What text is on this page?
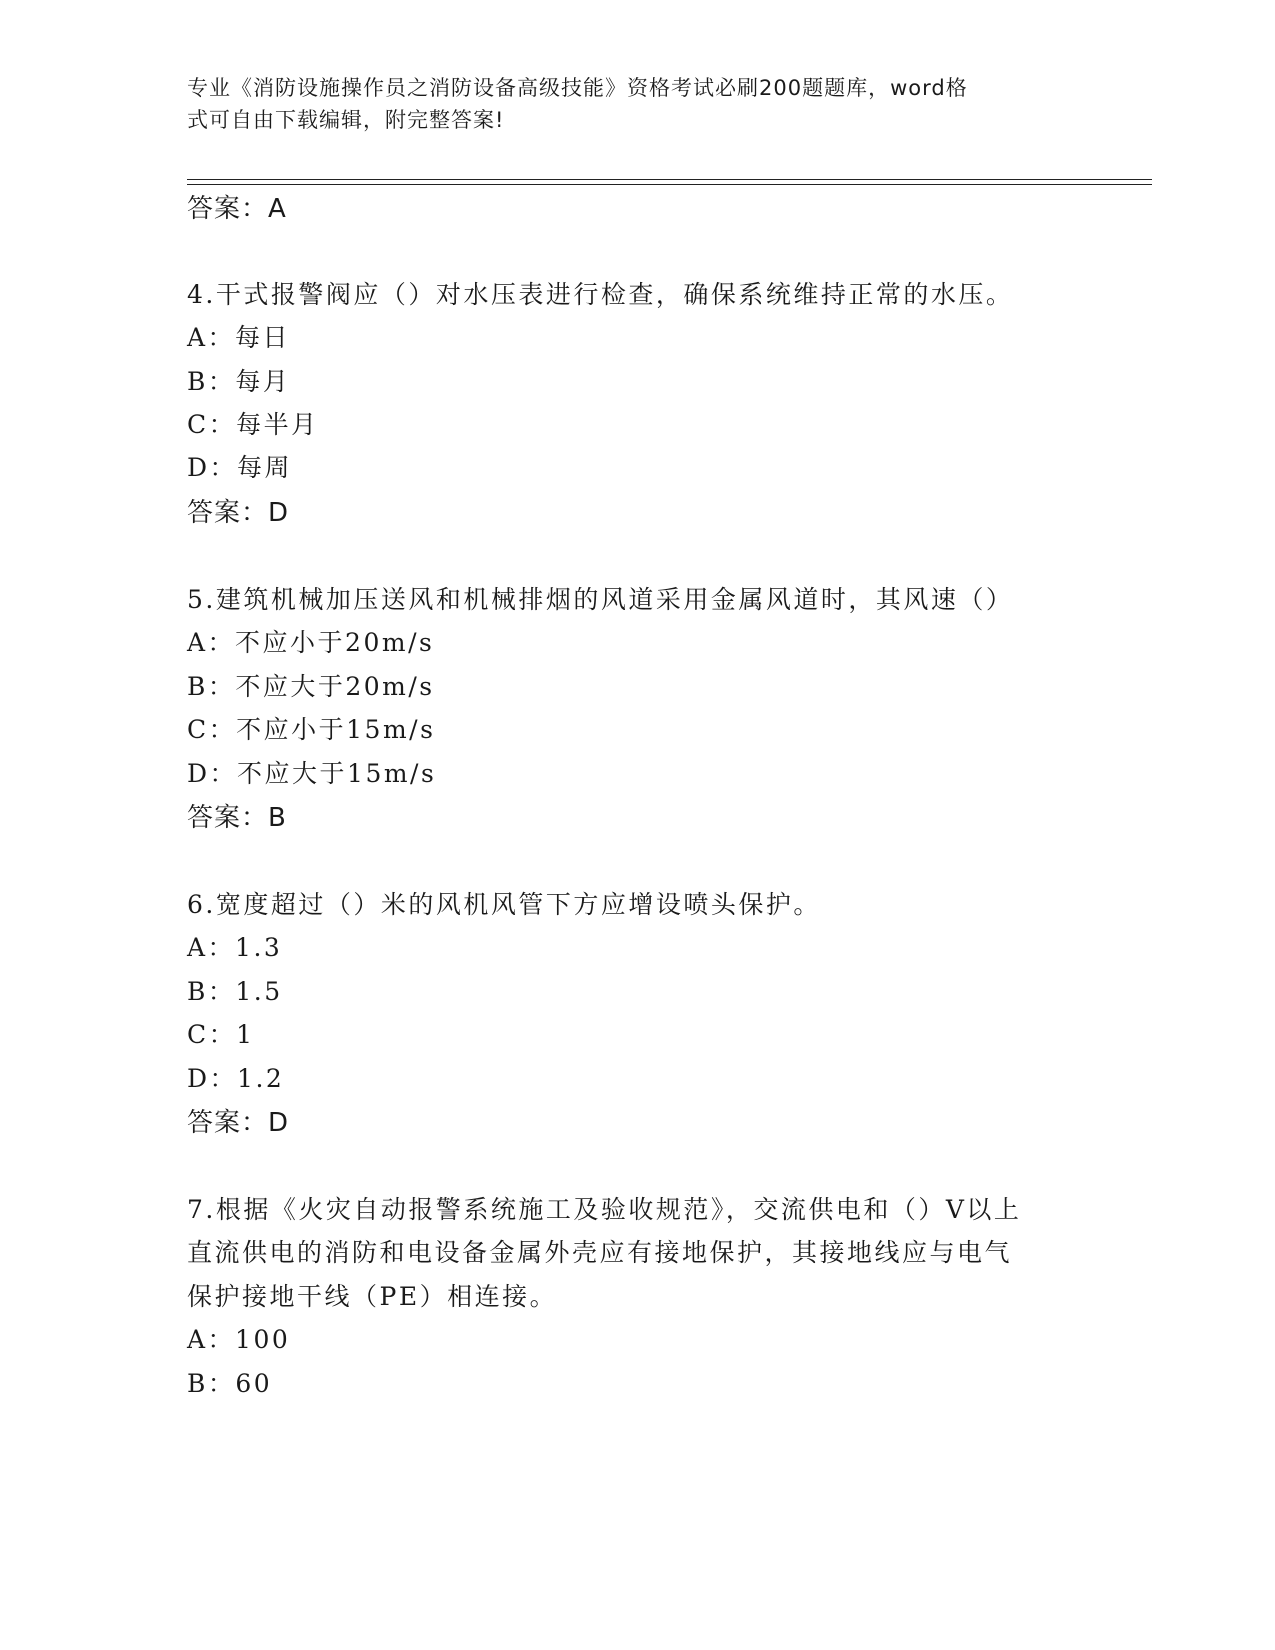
专业《消防设施操作员之消防设备高级技能》资格考试必刷200题题库，word格
式可自由下载编辑，附完整答案!
答案：A
4.干式报警阀应（）对水压表进行检查，确保系统维持正常的水压。
A：每日
B：每月
C：每半月
D：每周
答案：D
5.建筑机械加压送风和机械排烟的风道采用金属风道时，其风速（）
A：不应小于20m/s
B：不应大于20m/s
C：不应小于15m/s
D：不应大于15m/s
答案：B
6.宽度超过（）米的风机风管下方应增设喷头保护。
A：1.3
B：1.5
C：1
D：1.2
答案：D
7.根据《火灾自动报警系统施工及验收规范》，交流供电和（）V以上
直流供电的消防和电设备金属外壳应有接地保护，其接地线应与电气
保护接地干线（PE）相连接。
A：100
B：60
